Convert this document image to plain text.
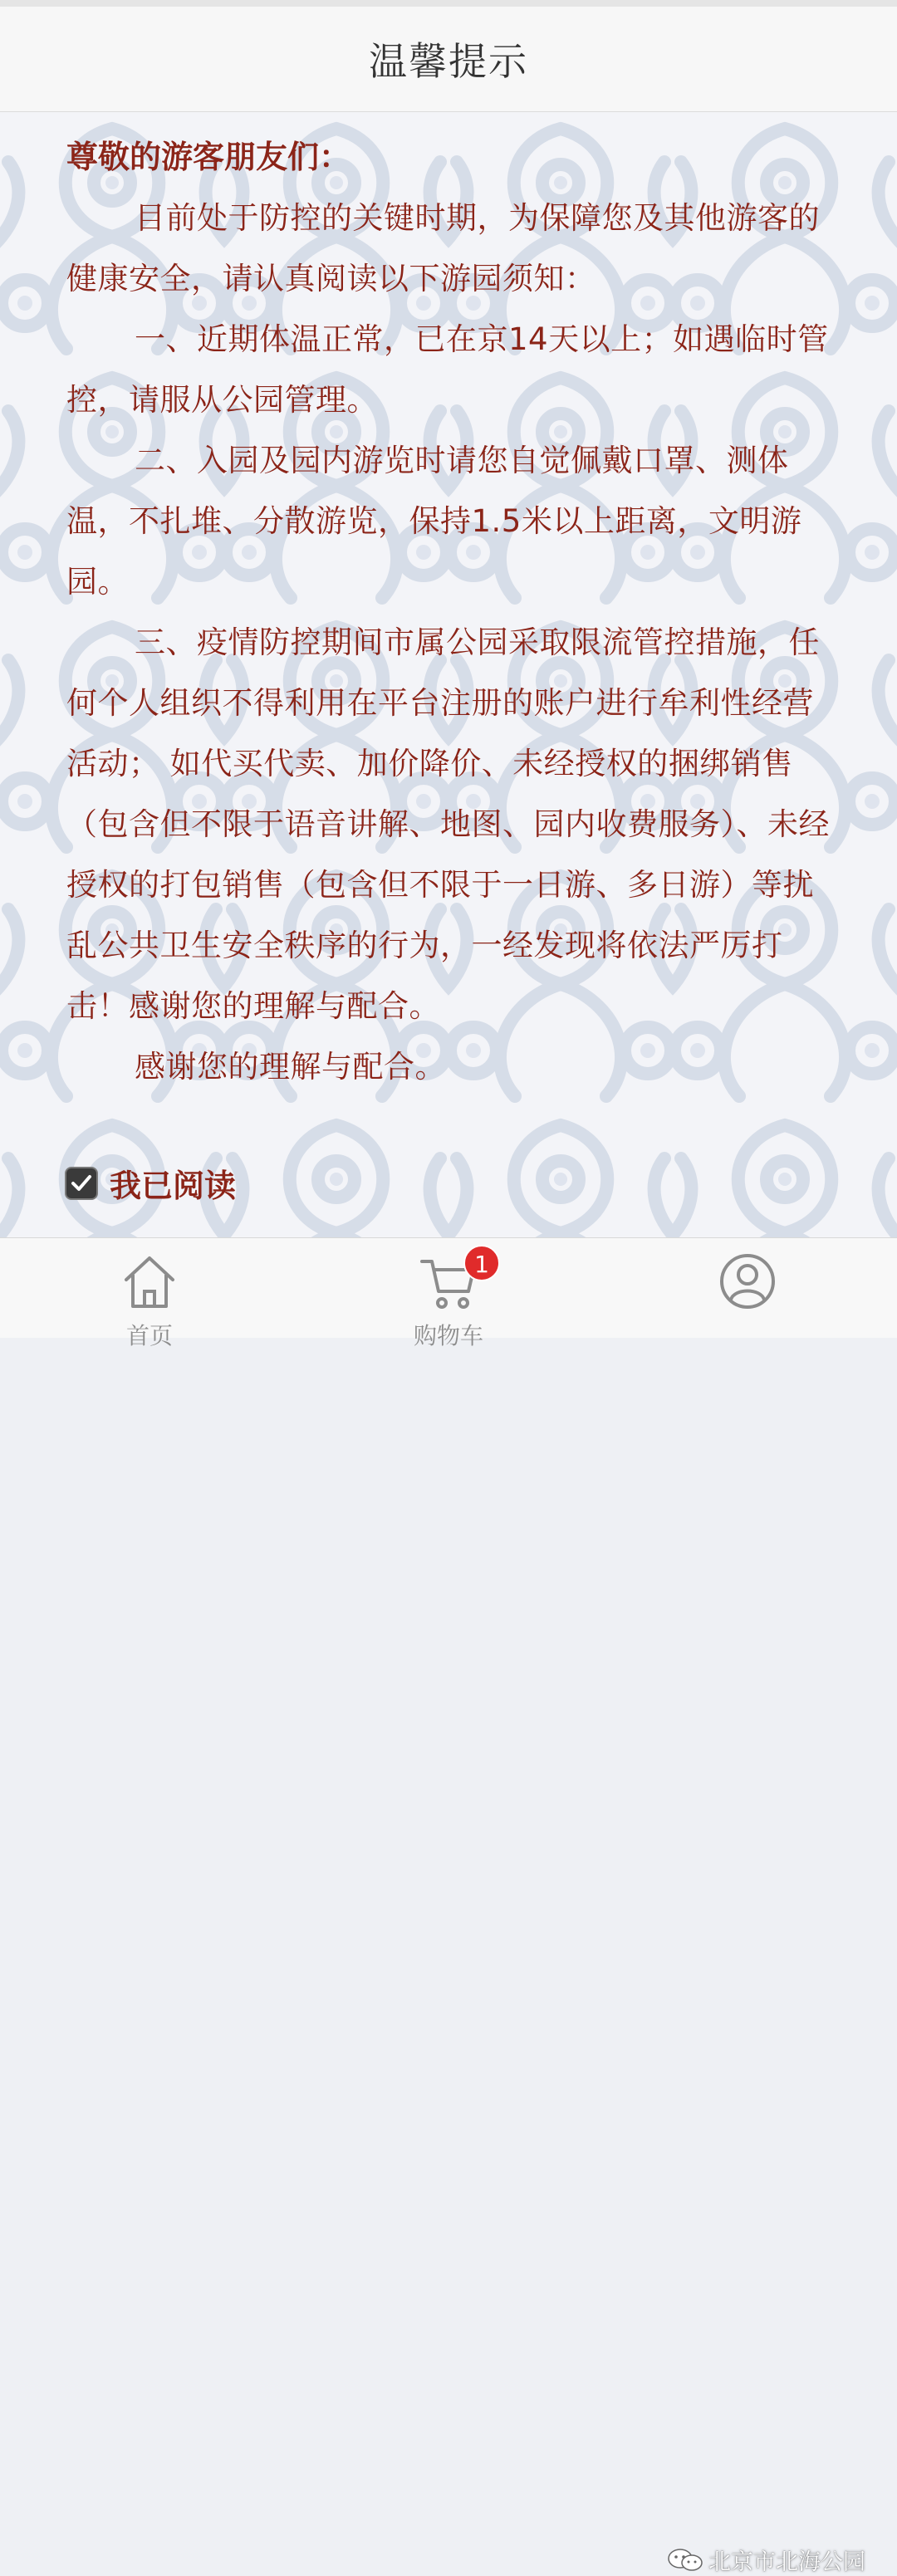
温馨提示

尊敬的游客朋友们：

目前处于防控的关键时期，为保障您及其他游客的健康安全，请认真阅读以下游园须知：

一、近期体温正常，已在京14天以上；如遇临时管控，请服从公园管理。

二、入园及园内游览时请您自觉佩戴口罩、测体温，不扎堆、分散游览，保持1.5米以上距离，文明游园。

三、疫情防控期间市属公园采取限流管控措施，任何个人组织不得利用在平台注册的账户进行牟利性经营活动； 如代买代卖、加价降价、未经授权的捆绑销售（包含但不限于语音讲解、地图、园内收费服务）、未经授权的打包销售（包含但不限于一日游、多日游）等扰乱公共卫生安全秩序的行为，一经发现将依法严厉打击！感谢您的理解与配合。

感谢您的理解与配合。

我已阅读
首页
1
购物车
北京市北海公园
